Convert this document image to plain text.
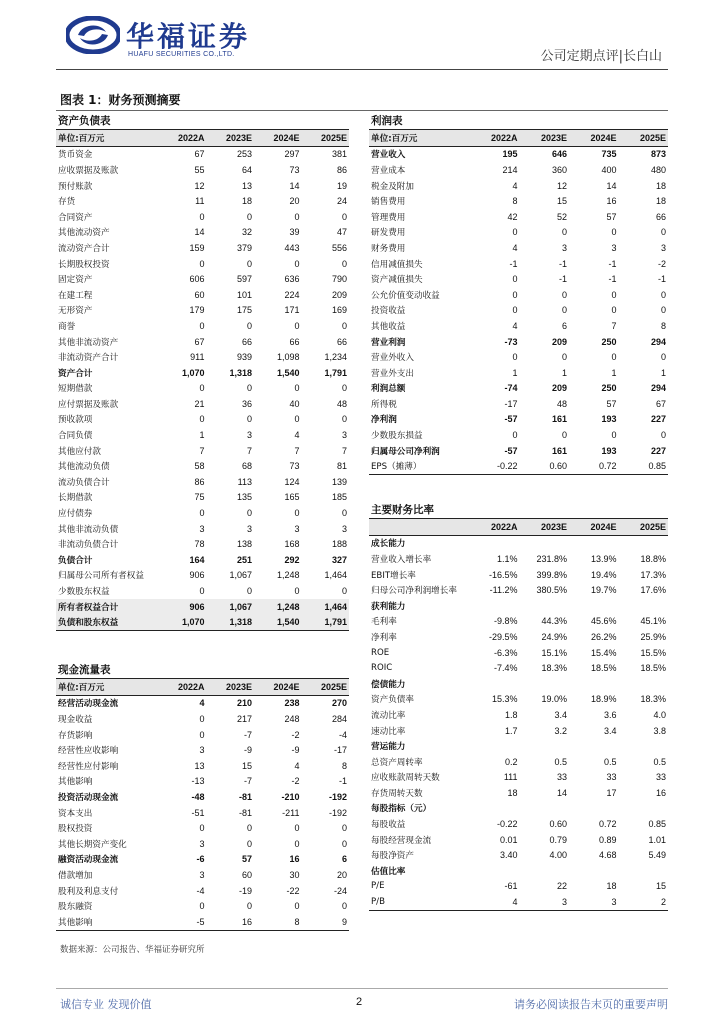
华福证券
HUAFU SECURITIES CO.,LTD.	公司定期点评|长白山
图表 1：财务预测摘要
资产负债表
单位:百万元	2022A	2023E	2024E	2025E
货币资金	67	253	297	381
应收票据及账款	55	64	73	86
预付账款	12	13	14	19
存货	11	18	20	24
合同资产	0	0	0	0
其他流动资产	14	32	39	47
流动资产合计	159	379	443	556
长期股权投资	0	0	0	0
固定资产	606	597	636	790
在建工程	60	101	224	209
无形资产	179	175	171	169
商誉	0	0	0	0
其他非流动资产	67	66	66	66
非流动资产合计	911	939	1,098	1,234
资产合计	1,070	1,318	1,540	1,791
短期借款	0	0	0	0
应付票据及账款	21	36	40	48
预收款项	0	0	0	0
合同负债	1	3	4	3
其他应付款	7	7	7	7
其他流动负债	58	68	73	81
流动负债合计	86	113	124	139
长期借款	75	135	165	185
应付债券	0	0	0	0
其他非流动负债	3	3	3	3
非流动负债合计	78	138	168	188
负债合计	164	251	292	327
归属母公司所有者权益	906	1,067	1,248	1,464
少数股东权益	0	0	0	0
所有者权益合计	906	1,067	1,248	1,464
负债和股东权益	1,070	1,318	1,540	1,791
现金流量表
单位:百万元	2022A	2023E	2024E	2025E
经营活动现金流	4	210	238	270
现金收益	0	217	248	284
存货影响	0	-7	-2	-4
经营性应收影响	3	-9	-9	-17
经营性应付影响	13	15	4	8
其他影响	-13	-7	-2	-1
投资活动现金流	-48	-81	-210	-192
资本支出	-51	-81	-211	-192
股权投资	0	0	0	0
其他长期资产变化	3	0	0	0
融资活动现金流	-6	57	16	6
借款增加	3	60	30	20
股利及利息支付	-4	-19	-22	-24
股东融资	0	0	0	0
其他影响	-5	16	8	9
利润表
单位:百万元	2022A	2023E	2024E	2025E
营业收入	195	646	735	873
营业成本	214	360	400	480
税金及附加	4	12	14	18
销售费用	8	15	16	18
管理费用	42	52	57	66
研发费用	0	0	0	0
财务费用	4	3	3	3
信用减值损失	-1	-1	-1	-2
资产减值损失	0	-1	-1	-1
公允价值变动收益	0	0	0	0
投资收益	0	0	0	0
其他收益	4	6	7	8
营业利润	-73	209	250	294
营业外收入	0	0	0	0
营业外支出	1	1	1	1
利润总额	-74	209	250	294
所得税	-17	48	57	67
净利润	-57	161	193	227
少数股东损益	0	0	0	0
归属母公司净利润	-57	161	193	227
EPS（摊薄）	-0.22	0.60	0.72	0.85
主要财务比率
	2022A	2023E	2024E	2025E
成长能力				
营业收入增长率	1.1%	231.8%	13.9%	18.8%
EBIT增长率	-16.5%	399.8%	19.4%	17.3%
归母公司净利润增长率	-11.2%	380.5%	19.7%	17.6%
获利能力				
毛利率	-9.8%	44.3%	45.6%	45.1%
净利率	-29.5%	24.9%	26.2%	25.9%
ROE	-6.3%	15.1%	15.4%	15.5%
ROIC	-7.4%	18.3%	18.5%	18.5%
偿债能力				
资产负债率	15.3%	19.0%	18.9%	18.3%
流动比率	1.8	3.4	3.6	4.0
速动比率	1.7	3.2	3.4	3.8
营运能力				
总资产周转率	0.2	0.5	0.5	0.5
应收账款周转天数	111	33	33	33
存货周转天数	18	14	17	16
每股指标（元）				
每股收益	-0.22	0.60	0.72	0.85
每股经营现金流	0.01	0.79	0.89	1.01
每股净资产	3.40	4.00	4.68	5.49
估值比率				
P/E	-61	22	18	15
P/B	4	3	3	2
数据来源：公司报告、华福证券研究所
诚信专业 发现价值	2	请务必阅读报告末页的重要声明
